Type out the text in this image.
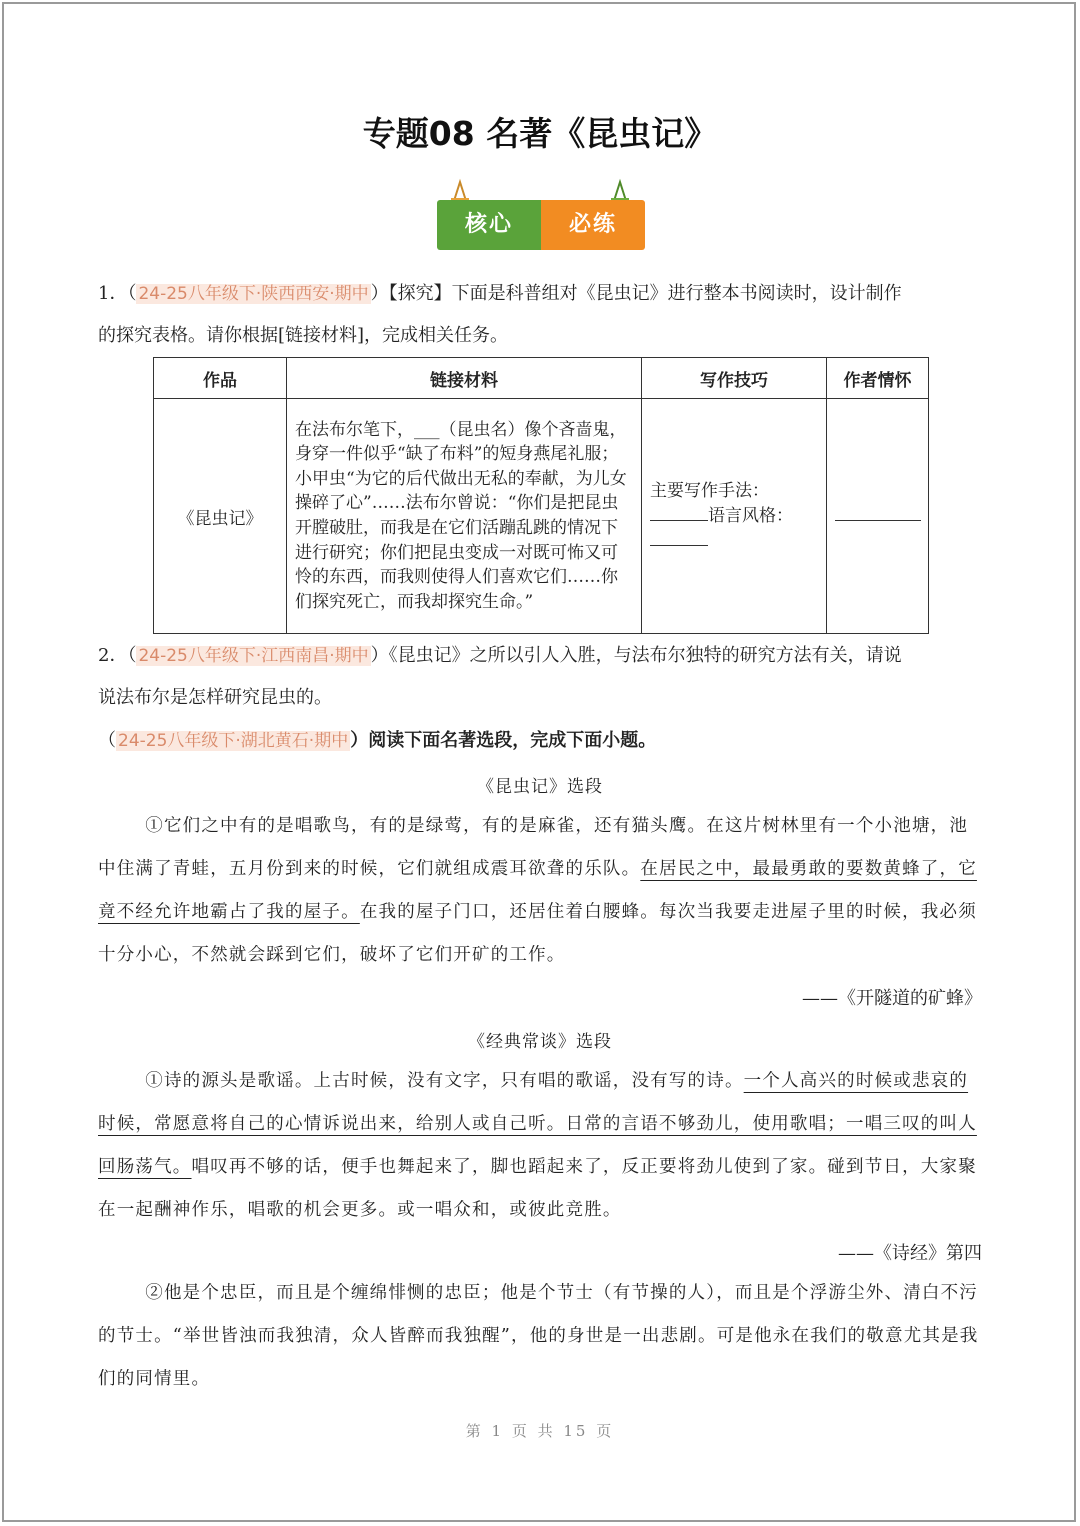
专题08 名著《昆虫记》
核心	必练
1．（ 24-25八年级下·陕西西安·期中 ）【探究】下面是科普组对《昆虫记》进行整本书阅读时，设计制作
的探究表格。请你根据[链接材料]，完成相关任务。
作品	链接材料	写作技巧	作者情怀
《昆虫记》	在法布尔笔下，___（昆虫名）像个吝啬鬼，身穿一件似乎“缺了布料”的短身燕尾礼服；小甲虫“为它的后代做出无私的奉献，为儿女操碎了心”……法布尔曾说：“你们是把昆虫开膛破肚，而我是在它们活蹦乱跳的情况下进行研究；你们把昆虫变成一对既可怖又可怜的东西，而我则使得人们喜欢它们……你们探究死亡，而我却探究生命。”	主要写作手法：
语言风格：	

2．（ 24-25八年级下·江西南昌·期中 ）《昆虫记》之所以引人入胜，与法布尔独特的研究方法有关，请说
说法布尔是怎样研究昆虫的。
（ 24-25八年级下·湖北黄石·期中 ）阅读下面名著选段，完成下面小题。
《昆虫记》选段
①它们之中有的是唱歌鸟，有的是绿莺，有的是麻雀，还有猫头鹰。在这片树林里有一个小池塘，池中住满了青蛙，五月份到来的时候，它们就组成震耳欲聋的乐队。在居民之中，最最勇敢的要数黄蜂了，它竟不经允许地霸占了我的屋子。在我的屋子门口，还居住着白腰蜂。每次当我要走进屋子里的时候，我必须十分小心，不然就会踩到它们，破坏了它们开矿的工作。
——《开隧道的矿蜂》
《经典常谈》选段
①诗的源头是歌谣。上古时候，没有文字，只有唱的歌谣，没有写的诗。一个人高兴的时候或悲哀的时候，常愿意将自己的心情诉说出来，给别人或自己听。日常的言语不够劲儿，使用歌唱；一唱三叹的叫人回肠荡气。唱叹再不够的话，便手也舞起来了，脚也蹈起来了，反正要将劲儿使到了家。碰到节日，大家聚在一起酬神作乐，唱歌的机会更多。或一唱众和，或彼此竞胜。
——《诗经》第四
②他是个忠臣，而且是个缠绵悱恻的忠臣；他是个节士（有节操的人），而且是个浮游尘外、清白不污的节士。“举世皆浊而我独清，众人皆醉而我独醒”，他的身世是一出悲剧。可是他永在我们的敬意尤其是我们的同情里。
第 1 页 共 15 页
